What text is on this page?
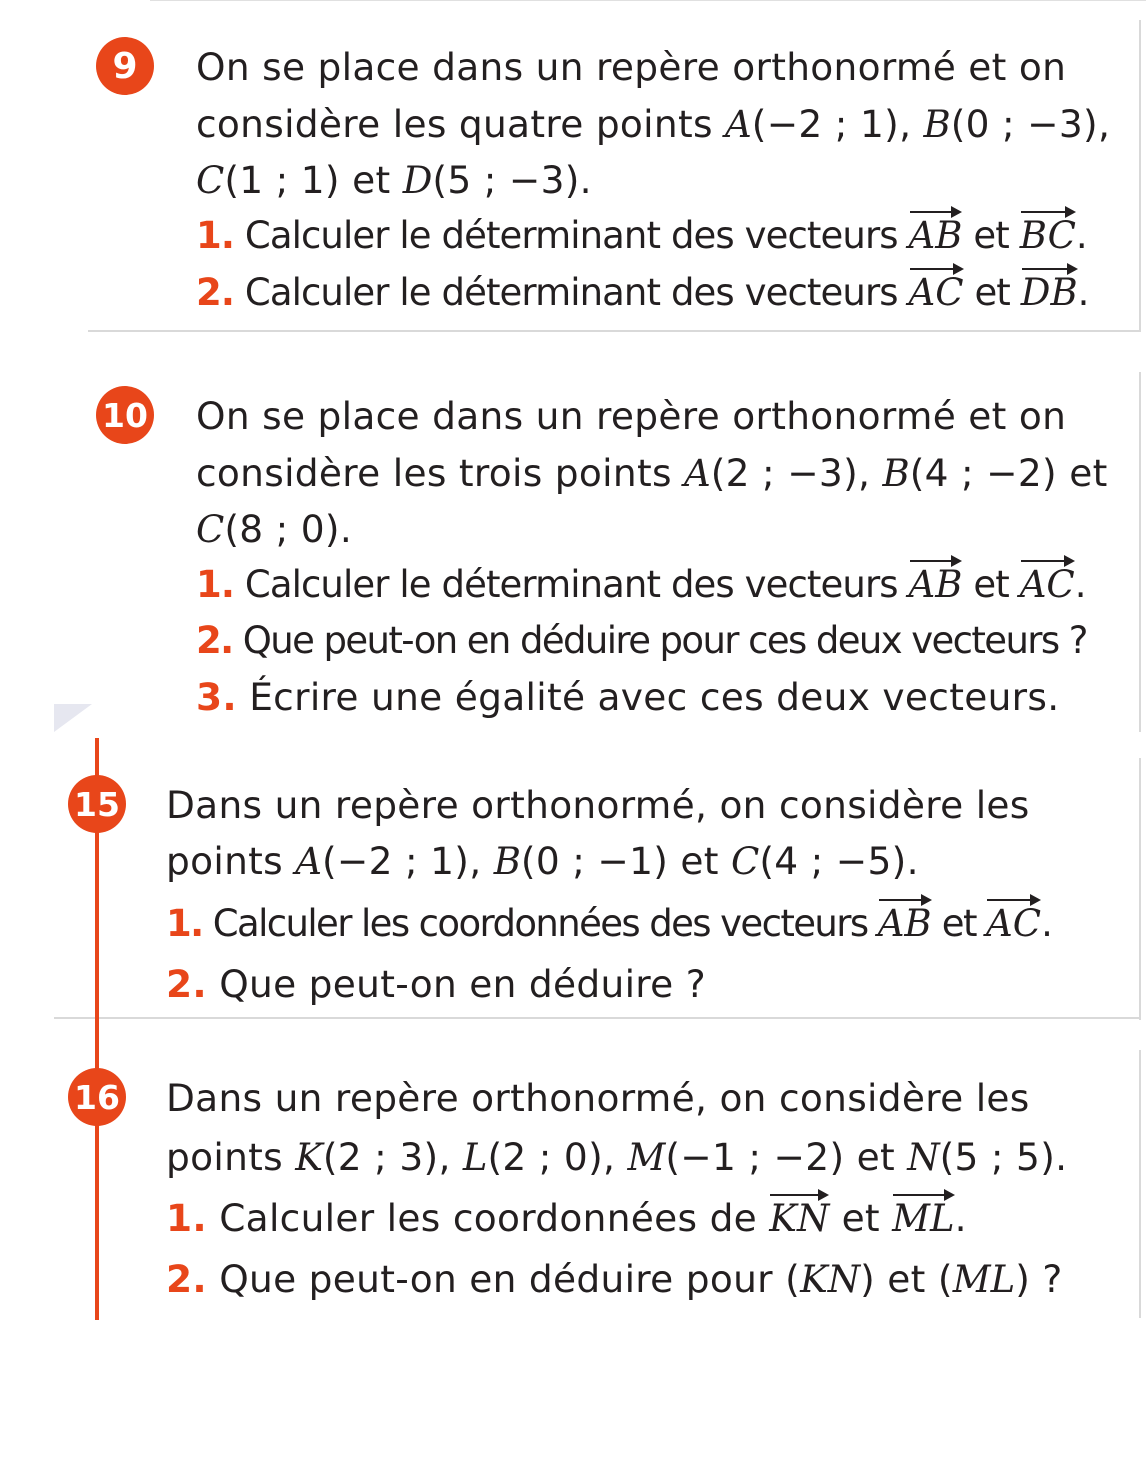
9 On se place dans un repère orthonormé et on
considère les quatre points A(−2 ; 1), B(0 ; −3),
C(1 ; 1) et D(5 ; −3).
1. Calculer le déterminant des vecteurs AB et BC.
2. Calculer le déterminant des vecteurs AC et DB.
10 On se place dans un repère orthonormé et on
considère les trois points A(2 ; −3), B(4 ; −2) et
C(8 ; 0).
1. Calculer le déterminant des vecteurs AB et AC.
2. Que peut-on en déduire pour ces deux vecteurs ?
3. Écrire une égalité avec ces deux vecteurs.
15 Dans un repère orthonormé, on considère les
points A(−2 ; 1), B(0 ; −1) et C(4 ; −5).
1. Calculer les coordonnées des vecteurs AB et AC.
2. Que peut-on en déduire ?
16 Dans un repère orthonormé, on considère les
points K(2 ; 3), L(2 ; 0), M(−1 ; −2) et N(5 ; 5).
1. Calculer les coordonnées de KN et ML.
2. Que peut-on en déduire pour (KN) et (ML) ?
